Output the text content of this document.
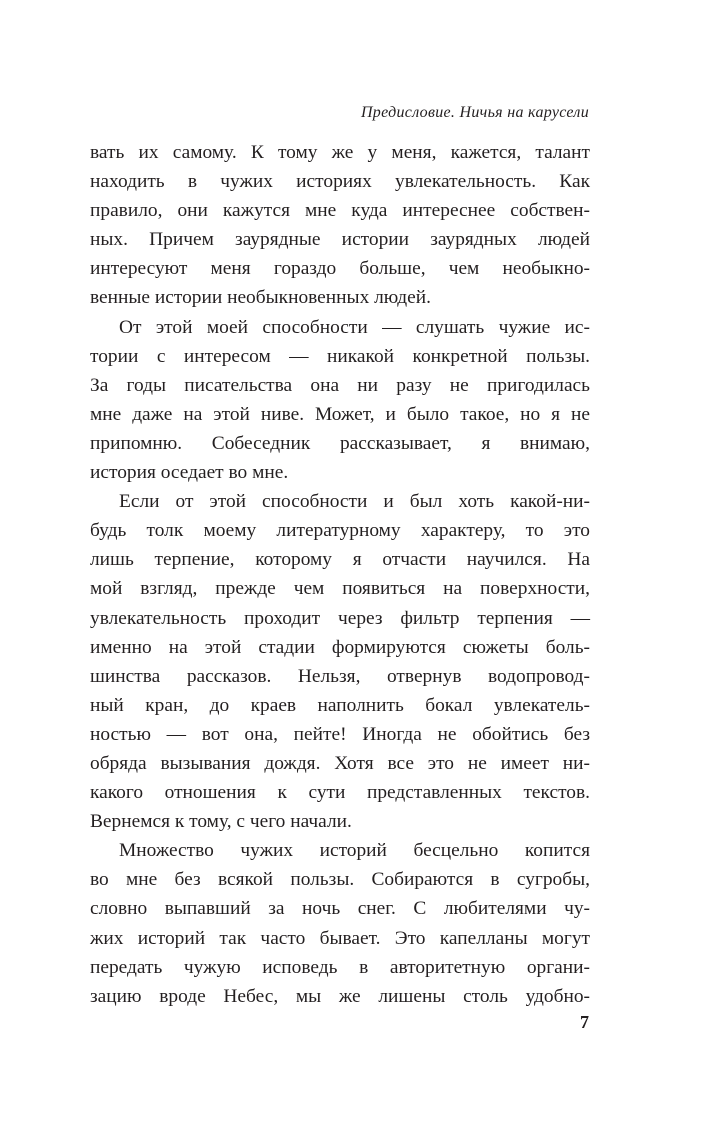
Предисловие. Ничья на карусели
вать их самому. К тому же у меня, кажется, талант
находить в чужих историях увлекательность. Как
правило, они кажутся мне куда интереснее собствен-
ных. Причем заурядные истории заурядных людей
интересуют меня гораздо больше, чем необыкно-
венные истории необыкновенных людей.
От этой моей способности — слушать чужие ис-
тории с интересом — никакой конкретной пользы.
За годы писательства она ни разу не пригодилась
мне даже на этой ниве. Может, и было такое, но я не
припомню. Собеседник рассказывает, я внимаю,
история оседает во мне.
Если от этой способности и был хоть какой-ни-
будь толк моему литературному характеру, то это
лишь терпение, которому я отчасти научился. На
мой взгляд, прежде чем появиться на поверхности,
увлекательность проходит через фильтр терпения —
именно на этой стадии формируются сюжеты боль-
шинства рассказов. Нельзя, отвернув водопровод-
ный кран, до краев наполнить бокал увлекатель-
ностью — вот она, пейте! Иногда не обойтись без
обряда вызывания дождя. Хотя все это не имеет ни-
какого отношения к сути представленных текстов.
Вернемся к тому, с чего начали.
Множество чужих историй бесцельно копится
во мне без всякой пользы. Собираются в сугробы,
словно выпавший за ночь снег. С любителями чу-
жих историй так часто бывает. Это капелланы могут
передать чужую исповедь в авторитетную органи-
зацию вроде Небес, мы же лишены столь удобно-
7
